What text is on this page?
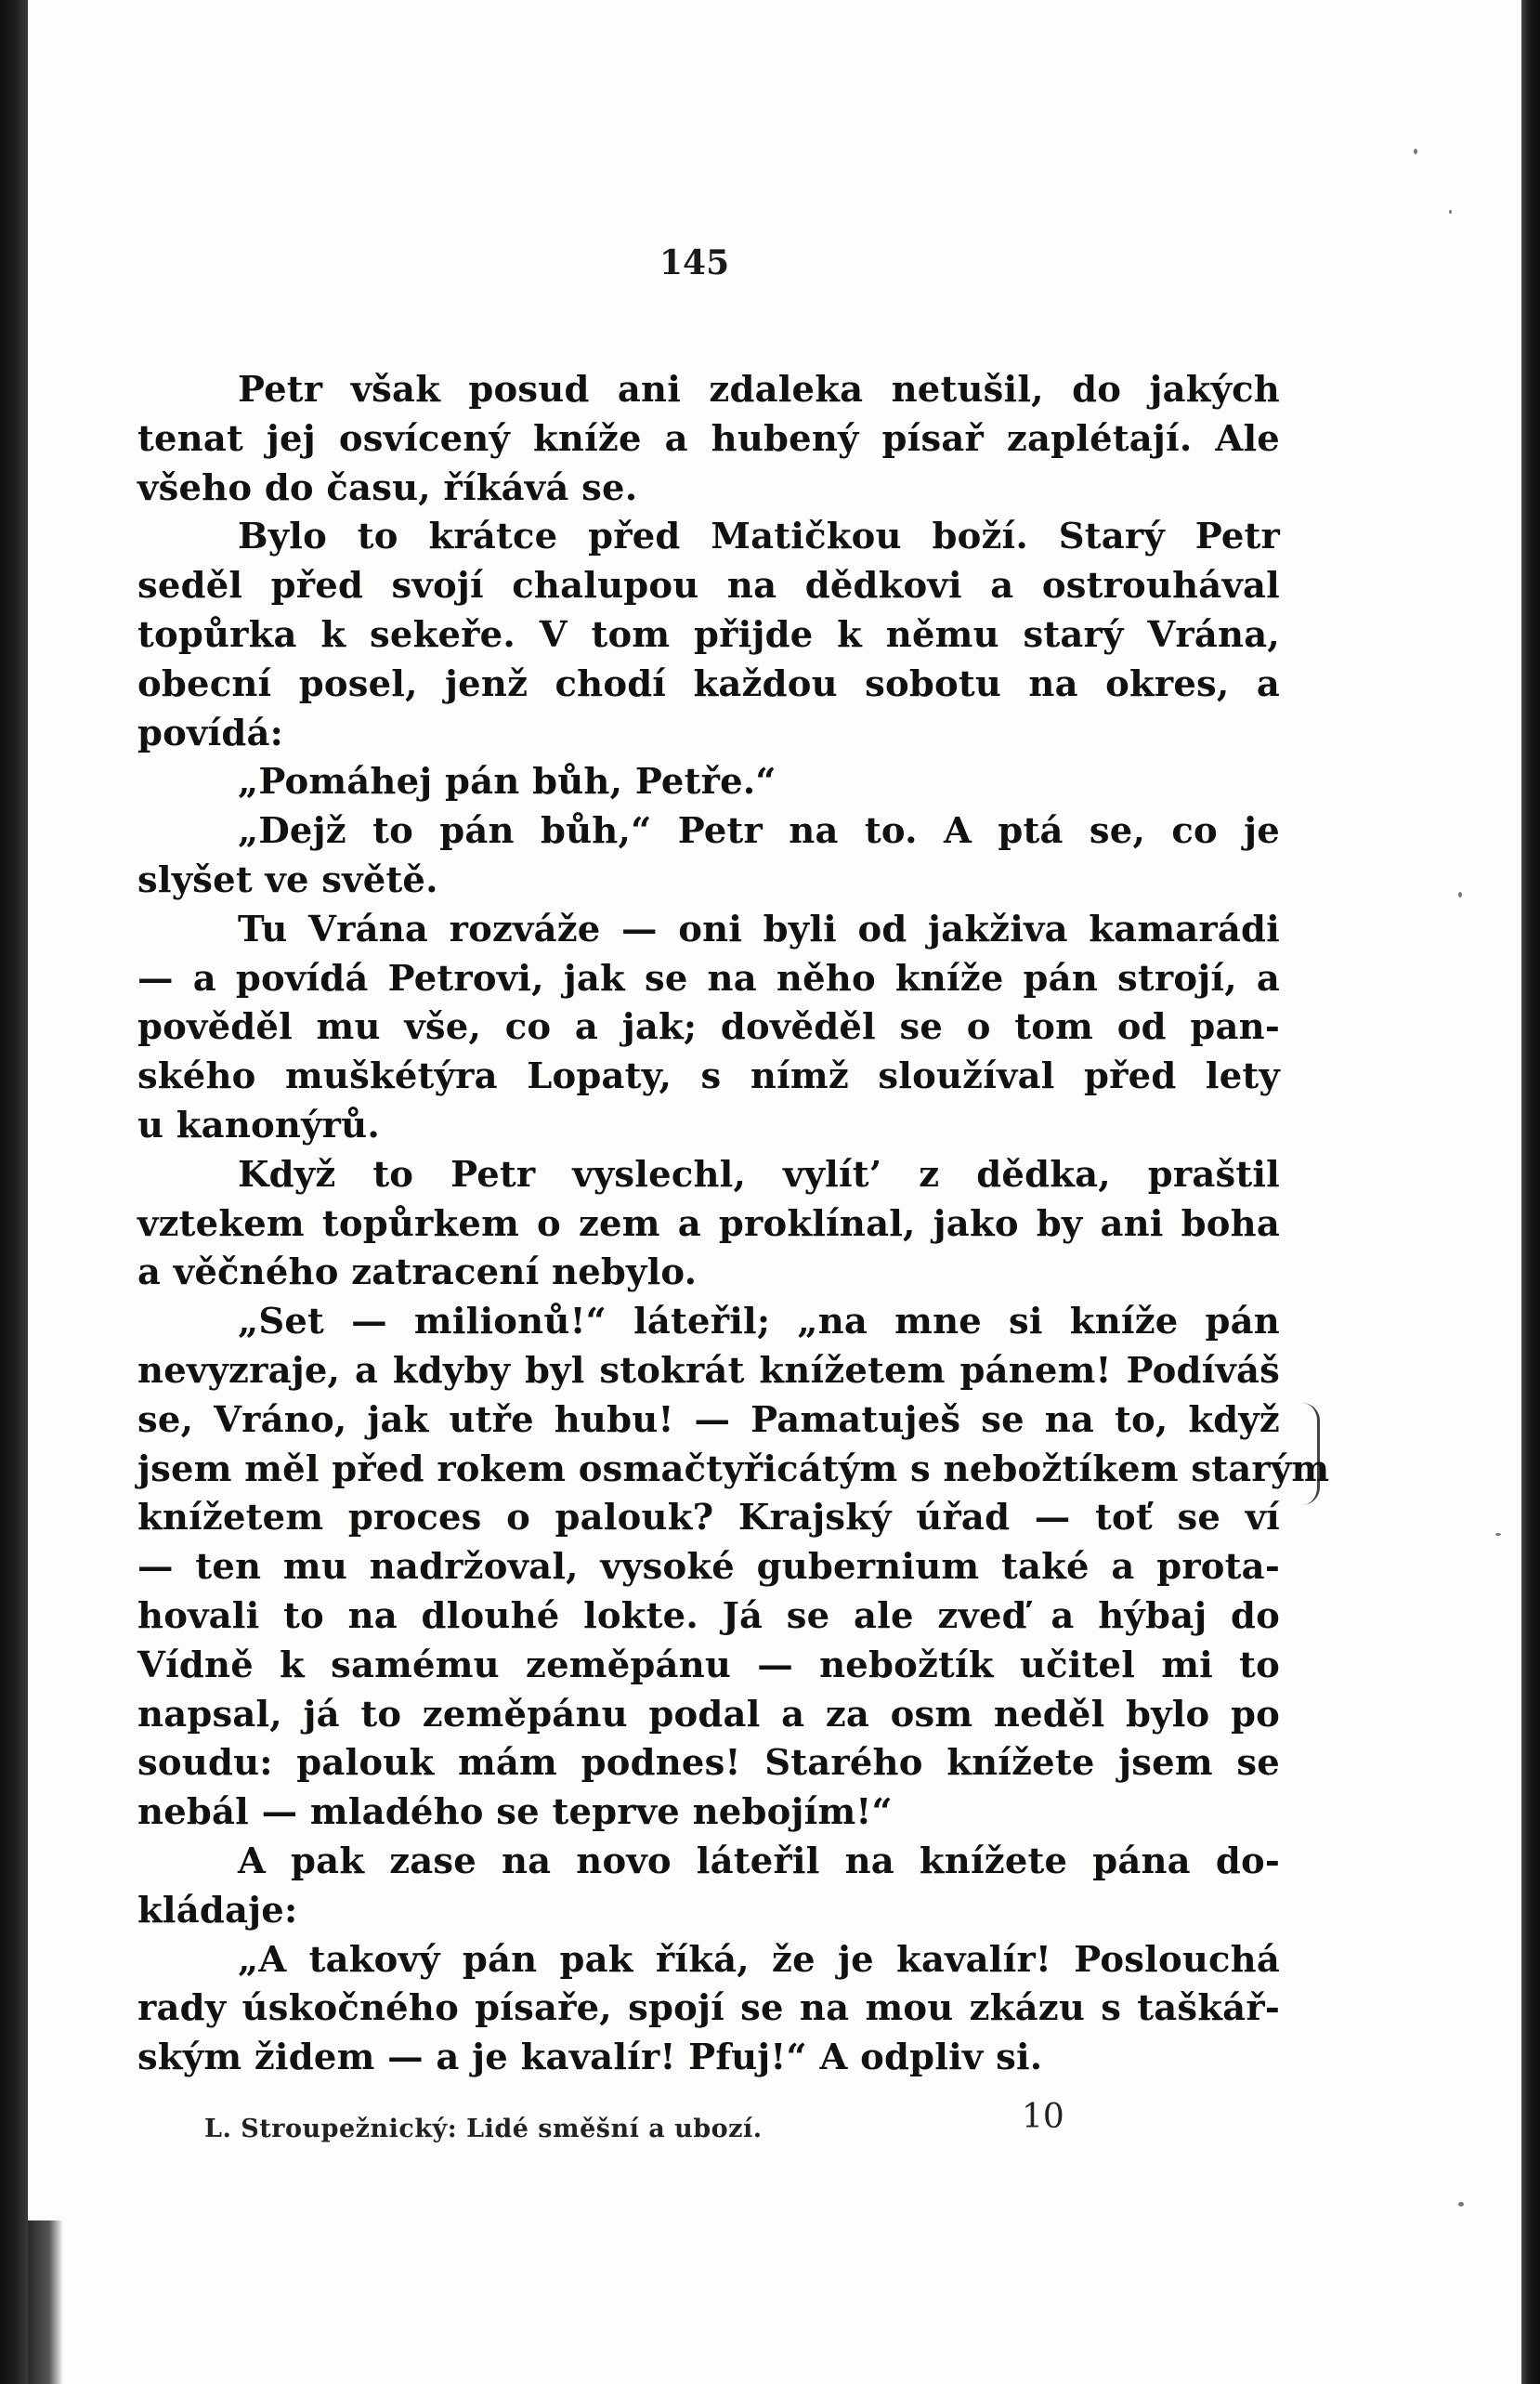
145
Petr však posud ani zdaleka netušil, do jakých
tenat jej osvícený kníže a hubený písař zaplétají. Ale
všeho do času, říkává se.
Bylo to krátce před Matičkou boží. Starý Petr
seděl před svojí chalupou na dědkovi a ostrouhával
topůrka k sekeře. V tom přijde k němu starý Vrána,
obecní posel, jenž chodí každou sobotu na okres, a
povídá:
„Pomáhej pán bůh, Petře.“
„Dejž to pán bůh,“ Petr na to. A ptá se, co je
slyšet ve světě.
Tu Vrána rozváže — oni byli od jakživa kamarádi
— a povídá Petrovi, jak se na něho kníže pán strojí, a
pověděl mu vše, co a jak; dověděl se o tom od pan-
ského muškétýra Lopaty, s nímž sloužíval před lety
u kanonýrů.
Když to Petr vyslechl, vylít’ z dědka, praštil
vztekem topůrkem o zem a proklínal, jako by ani boha
a věčného zatracení nebylo.
„Set — milionů!“ láteřil; „na mne si kníže pán
nevyzraje, a kdyby byl stokrát knížetem pánem! Podíváš
se, Vráno, jak utře hubu! — Pamatuješ se na to, když
jsem měl před rokem osmačtyřicátým s nebožtíkem starým
knížetem proces o palouk? Krajský úřad — toť se ví
— ten mu nadržoval, vysoké gubernium také a prota-
hovali to na dlouhé lokte. Já se ale zveď a hýbaj do
Vídně k samému zeměpánu — nebožtík učitel mi to
napsal, já to zeměpánu podal a za osm neděl bylo po
soudu: palouk mám podnes! Starého knížete jsem se
nebál — mladého se teprve nebojím!“
A pak zase na novo láteřil na knížete pána do-
kládaje:
„A takový pán pak říká, že je kavalír! Poslouchá
rady úskočného písaře, spojí se na mou zkázu s taškář-
ským židem — a je kavalír! Pfuj!“ A odpliv si.
L. Stroupežnický: Lidé směšní a ubozí.	10
